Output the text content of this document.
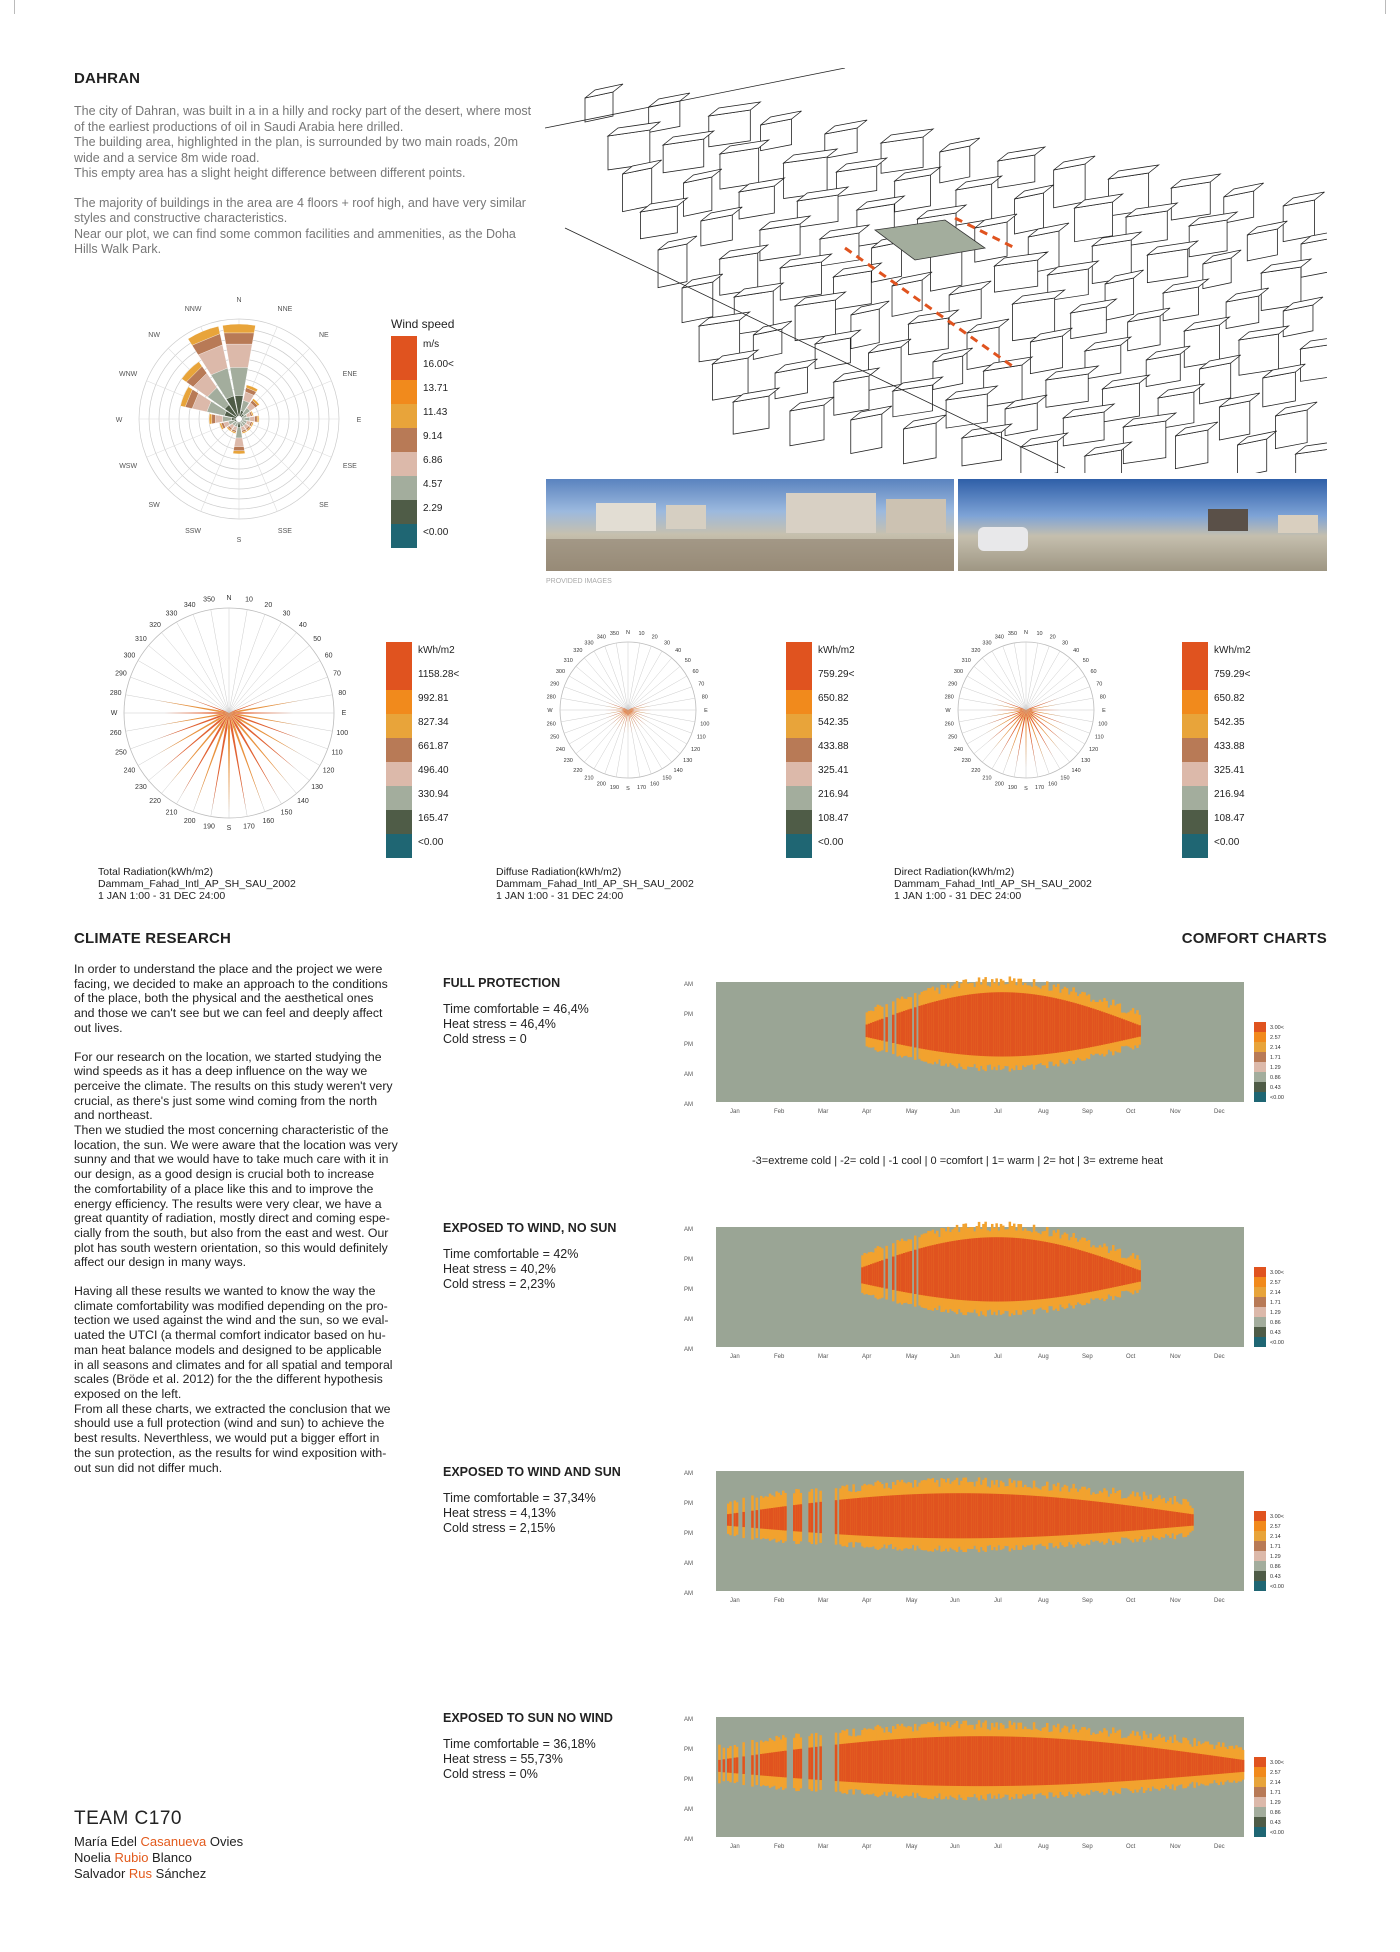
DAHRAN

The city of Dahran, was built in a in a hilly and rocky part of the desert, where most
of the earliest productions of oil in Saudi Arabia here drilled.
The building area, highlighted in the plan, is surrounded by two main roads, 20m
wide and a service 8m wide road.
This empty area has a slight height difference between different points.

The majority of buildings in the area are 4 floors + roof high, and have very similar
styles and constructive characteristics.
Near our plot, we can find some common facilities and ammenities, as the Doha
Hills Walk Park.

PROVIDED IMAGES
N
NNE
NE
ENE
E
ESE
SE
SSE
S
SSW
SW
WSW
W
WNW
NW
NNW
Wind speed
m/s
16.00<
13.71
11.43
9.14
6.86
4.57
2.29
<0.00
N 10
20
30
40
50
60
70
80
E
100
110
120
130
140
150
160
170
S
190
200
210
220
230
240
250
260
W
280
290
300
310
320
330
340
350
N 10
20
30
40
50
60
70
80
E
100
110
120
130
140
150
160
170
S
190
200
210
220
230
240
250
260
W
280
290
300
310
320
330
340
350	N 10
20
30
40
50
60
70
80
E
100
110
120
130
140
150
160
170
S
190
200
210
220
230
240
250
260
W
280
290
300
310
320
330
340
350
kWh/m2
1158.28<
992.81
827.34
661.87
496.40
330.94
165.47
<0.00
kWh/m2
759.29<
650.82
542.35
433.88
325.41
216.94
108.47
<0.00
kWh/m2
759.29<
650.82
542.35
433.88
325.41
216.94
108.47
<0.00
Total Radiation(kWh/m2)
Dammam_Fahad_Intl_AP_SH_SAU_2002
1 JAN 1:00 - 31 DEC 24:00
Diffuse Radiation(kWh/m2)
Dammam_Fahad_Intl_AP_SH_SAU_2002
1 JAN 1:00 - 31 DEC 24:00
Direct Radiation(kWh/m2)
Dammam_Fahad_Intl_AP_SH_SAU_2002
1 JAN 1:00 - 31 DEC 24:00
CLIMATE RESEARCH	COMFORT CHARTS

In order to understand the place and the project we were
facing, we decided to make an approach to the conditions
of the place, both the physical and the aesthetical ones
and those we can't see but we can feel and deeply affect
out lives.

For our research on the location, we started studying the
wind speeds as it has a deep influence on the way we
perceive the climate. The results on this study weren't very
crucial, as there's just some wind coming from the north
and northeast.
Then we studied the most concerning characteristic of the
location, the sun. We were aware that the location was very
sunny and that we would have to take much care with it in
our design, as a good design is crucial both to increase
the comfortability of a place like this and to improve the
energy efficiency. The results were very clear, we have a
great quantity of radiation, mostly direct and coming espe-
cially from the south, but also from the east and west. Our
plot has south western orientation, so this would definitely
affect our design in many ways.

Having all these results we wanted to know the way the
climate comfortability was modified depending on the pro-
tection we used against the wind and the sun, so we eval-
uated the UTCI (a thermal comfort indicator based on hu-
man heat balance models and designed to be applicable
in all seasons and climates and for all spatial and temporal
scales (Bröde et al. 2012) for the the different hypothesis
exposed on the left.
From all these charts, we extracted the conclusion that we
should use a full protection (wind and sun) to achieve the
best results. Neverthless, we would put a bigger effort in
the sun protection, as the results for wind exposition with-
out sun did not differ much.

FULL PROTECTION
Time comfortable = 46,4%
Heat stress = 46,4%
Cold stress = 0
EXPOSED TO WIND, NO SUN
Time comfortable = 42%
Heat stress = 40,2%
Cold stress = 2,23%
EXPOSED TO WIND AND SUN
Time comfortable = 37,34%
Heat stress = 4,13%
Cold stress = 2,15%
EXPOSED TO SUN NO WIND
Time comfortable = 36,18%
Heat stress = 55,73%
Cold stress = 0%
AM
PM
PM
AM
AM
Jan	Feb	Mar	Apr	May	Jun	Jul	Aug	Sep	Oct	Nov	Dec
3.00<
2.57
2.14
1.71
1.29
0.86
0.43
<0.00
AM
PM
PM
AM
AM
Jan	Feb	Mar	Apr	May	Jun	Jul	Aug	Sep	Oct	Nov	Dec
3.00<
2.57
2.14
1.71
1.29
0.86
0.43
<0.00
AM
PM
PM
AM
AM
Jan	Feb	Mar	Apr	May	Jun	Jul	Aug	Sep	Oct	Nov	Dec
3.00<
2.57
2.14
1.71
1.29
0.86
0.43
<0.00
AM
PM
PM
AM
AM
Jan	Feb	Mar	Apr	May	Jun	Jul	Aug	Sep	Oct	Nov	Dec
3.00<
2.57
2.14
1.71
1.29
0.86
0.43
<0.00
-3=extreme cold | -2= cold | -1 cool | 0 =comfort | 1= warm | 2= hot | 3= extreme heat
TEAM C170
María Edel Casanueva Ovies
Noelia Rubio Blanco
Salvador Rus Sánchez
